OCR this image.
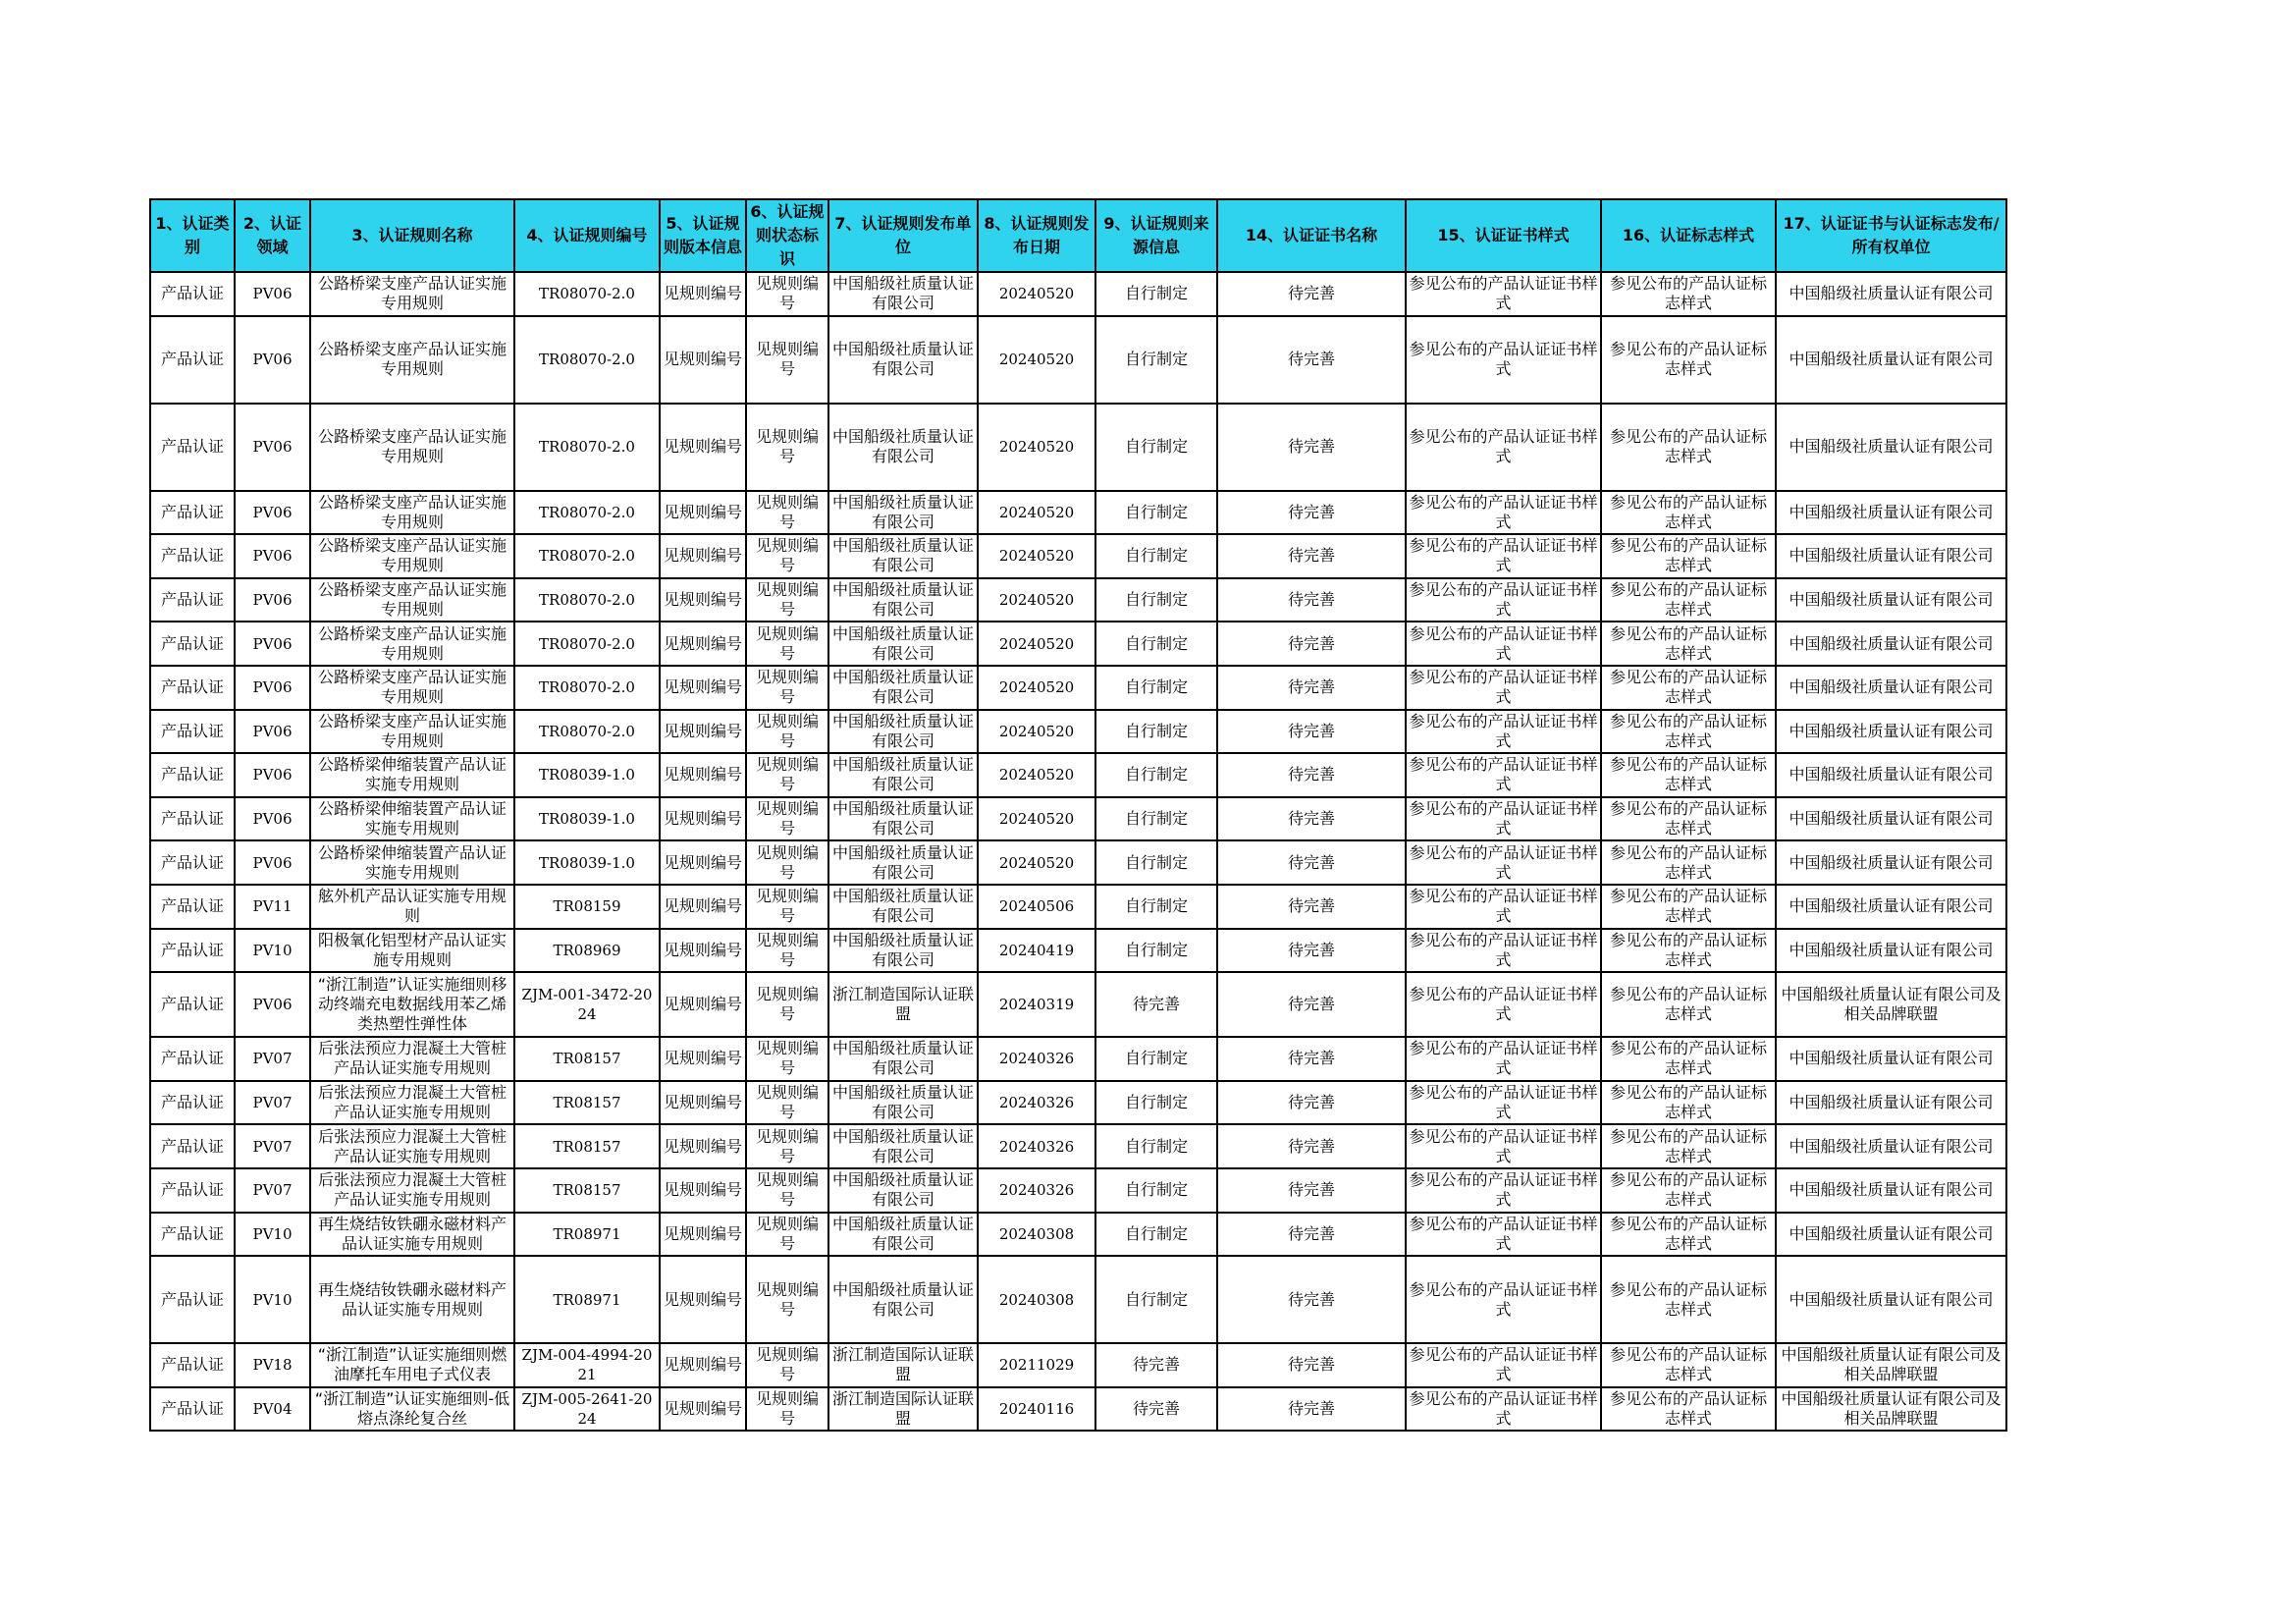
1、认证类别	2、认证领域	3、认证规则名称	4、认证规则编号	5、认证规则版本信息	6、认证规则状态标识	7、认证规则发布单位	8、认证规则发布日期	9、认证规则来源信息	14、认证证书名称	15、认证证书样式	16、认证标志样式	17、认证证书与认证标志发布/所有权单位

产品认证	PV06	公路桥梁支座产品认证实施专用规则	TR08070-2.0	见规则编号	见规则编号	中国船级社质量认证有限公司	20240520	自行制定	待完善	参见公布的产品认证证书样式	参见公布的产品认证标志样式	中国船级社质量认证有限公司

产品认证	PV06	公路桥梁支座产品认证实施专用规则	TR08070-2.0	见规则编号	见规则编号	中国船级社质量认证有限公司	20240520	自行制定	待完善	参见公布的产品认证证书样式	参见公布的产品认证标志样式	中国船级社质量认证有限公司

产品认证	PV06	公路桥梁支座产品认证实施专用规则	TR08070-2.0	见规则编号	见规则编号	中国船级社质量认证有限公司	20240520	自行制定	待完善	参见公布的产品认证证书样式	参见公布的产品认证标志样式	中国船级社质量认证有限公司

产品认证	PV06	公路桥梁支座产品认证实施专用规则	TR08070-2.0	见规则编号	见规则编号	中国船级社质量认证有限公司	20240520	自行制定	待完善	参见公布的产品认证证书样式	参见公布的产品认证标志样式	中国船级社质量认证有限公司

产品认证	PV06	公路桥梁支座产品认证实施专用规则	TR08070-2.0	见规则编号	见规则编号	中国船级社质量认证有限公司	20240520	自行制定	待完善	参见公布的产品认证证书样式	参见公布的产品认证标志样式	中国船级社质量认证有限公司

产品认证	PV06	公路桥梁支座产品认证实施专用规则	TR08070-2.0	见规则编号	见规则编号	中国船级社质量认证有限公司	20240520	自行制定	待完善	参见公布的产品认证证书样式	参见公布的产品认证标志样式	中国船级社质量认证有限公司

产品认证	PV06	公路桥梁支座产品认证实施专用规则	TR08070-2.0	见规则编号	见规则编号	中国船级社质量认证有限公司	20240520	自行制定	待完善	参见公布的产品认证证书样式	参见公布的产品认证标志样式	中国船级社质量认证有限公司

产品认证	PV06	公路桥梁支座产品认证实施专用规则	TR08070-2.0	见规则编号	见规则编号	中国船级社质量认证有限公司	20240520	自行制定	待完善	参见公布的产品认证证书样式	参见公布的产品认证标志样式	中国船级社质量认证有限公司

产品认证	PV06	公路桥梁支座产品认证实施专用规则	TR08070-2.0	见规则编号	见规则编号	中国船级社质量认证有限公司	20240520	自行制定	待完善	参见公布的产品认证证书样式	参见公布的产品认证标志样式	中国船级社质量认证有限公司

产品认证	PV06	公路桥梁伸缩装置产品认证实施专用规则	TR08039-1.0	见规则编号	见规则编号	中国船级社质量认证有限公司	20240520	自行制定	待完善	参见公布的产品认证证书样式	参见公布的产品认证标志样式	中国船级社质量认证有限公司

产品认证	PV06	公路桥梁伸缩装置产品认证实施专用规则	TR08039-1.0	见规则编号	见规则编号	中国船级社质量认证有限公司	20240520	自行制定	待完善	参见公布的产品认证证书样式	参见公布的产品认证标志样式	中国船级社质量认证有限公司

产品认证	PV06	公路桥梁伸缩装置产品认证实施专用规则	TR08039-1.0	见规则编号	见规则编号	中国船级社质量认证有限公司	20240520	自行制定	待完善	参见公布的产品认证证书样式	参见公布的产品认证标志样式	中国船级社质量认证有限公司

产品认证	PV11	舷外机产品认证实施专用规则	TR08159	见规则编号	见规则编号	中国船级社质量认证有限公司	20240506	自行制定	待完善	参见公布的产品认证证书样式	参见公布的产品认证标志样式	中国船级社质量认证有限公司

产品认证	PV10	阳极氧化铝型材产品认证实施专用规则	TR08969	见规则编号	见规则编号	中国船级社质量认证有限公司	20240419	自行制定	待完善	参见公布的产品认证证书样式	参见公布的产品认证标志样式	中国船级社质量认证有限公司

产品认证	PV06	“浙江制造”认证实施细则移动终端充电数据线用苯乙烯类热塑性弹性体	ZJM-001-3472-2024	见规则编号	见规则编号	浙江制造国际认证联盟	20240319	待完善	待完善	参见公布的产品认证证书样式	参见公布的产品认证标志样式	中国船级社质量认证有限公司及相关品牌联盟

产品认证	PV07	后张法预应力混凝土大管桩产品认证实施专用规则	TR08157	见规则编号	见规则编号	中国船级社质量认证有限公司	20240326	自行制定	待完善	参见公布的产品认证证书样式	参见公布的产品认证标志样式	中国船级社质量认证有限公司

产品认证	PV07	后张法预应力混凝土大管桩产品认证实施专用规则	TR08157	见规则编号	见规则编号	中国船级社质量认证有限公司	20240326	自行制定	待完善	参见公布的产品认证证书样式	参见公布的产品认证标志样式	中国船级社质量认证有限公司

产品认证	PV07	后张法预应力混凝土大管桩产品认证实施专用规则	TR08157	见规则编号	见规则编号	中国船级社质量认证有限公司	20240326	自行制定	待完善	参见公布的产品认证证书样式	参见公布的产品认证标志样式	中国船级社质量认证有限公司

产品认证	PV07	后张法预应力混凝土大管桩产品认证实施专用规则	TR08157	见规则编号	见规则编号	中国船级社质量认证有限公司	20240326	自行制定	待完善	参见公布的产品认证证书样式	参见公布的产品认证标志样式	中国船级社质量认证有限公司

产品认证	PV10	再生烧结钕铁硼永磁材料产品认证实施专用规则	TR08971	见规则编号	见规则编号	中国船级社质量认证有限公司	20240308	自行制定	待完善	参见公布的产品认证证书样式	参见公布的产品认证标志样式	中国船级社质量认证有限公司

产品认证	PV10	再生烧结钕铁硼永磁材料产品认证实施专用规则	TR08971	见规则编号	见规则编号	中国船级社质量认证有限公司	20240308	自行制定	待完善	参见公布的产品认证证书样式	参见公布的产品认证标志样式	中国船级社质量认证有限公司

产品认证	PV18	“浙江制造”认证实施细则燃油摩托车用电子式仪表	ZJM-004-4994-2021	见规则编号	见规则编号	浙江制造国际认证联盟	20211029	待完善	待完善	参见公布的产品认证证书样式	参见公布的产品认证标志样式	中国船级社质量认证有限公司及相关品牌联盟

产品认证	PV04	“浙江制造”认证实施细则-低熔点涤纶复合丝	ZJM-005-2641-2024	见规则编号	见规则编号	浙江制造国际认证联盟	20240116	待完善	待完善	参见公布的产品认证证书样式	参见公布的产品认证标志样式	中国船级社质量认证有限公司及相关品牌联盟
